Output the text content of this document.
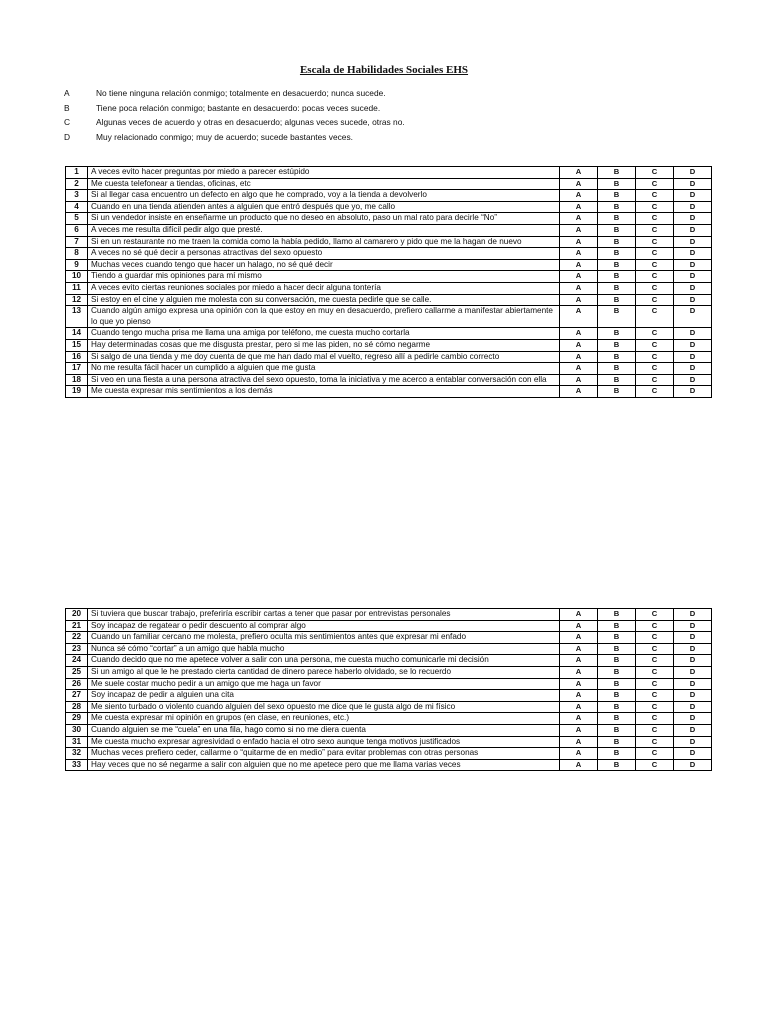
Escala de Habilidades Sociales EHS
A	No tiene ninguna relación conmigo; totalmente en desacuerdo; nunca sucede.
B	Tiene poca relación conmigo; bastante en desacuerdo: pocas veces sucede.
C	Algunas veces de acuerdo y otras en desacuerdo; algunas veces sucede, otras no.
D	Muy relacionado conmigo; muy de acuerdo; sucede bastantes veces.
1	A veces evito hacer preguntas por miedo a parecer estúpido	A	B	C	D
2	Me cuesta telefonear a tiendas, oficinas, etc	A	B	C	D
3	Si al llegar casa encuentro un defecto en algo que he comprado, voy a la tienda a devolverlo	A	B	C	D
4	Cuando en una tienda atienden antes a alguien que entró después que yo, me callo	A	B	C	D
5	Si un vendedor insiste en enseñarme un producto que no deseo en absoluto, paso un mal rato para decirle “No”	A	B	C	D
6	A veces me resulta difícil pedir algo que presté.	A	B	C	D
7	Si en un restaurante no me traen la comida como la había pedido, llamo al camarero y pido que me la hagan de nuevo	A	B	C	D
8	A veces no sé qué decir a personas atractivas del sexo opuesto	A	B	C	D
9	Muchas veces cuando tengo que hacer un halago, no sé qué decir	A	B	C	D
10	Tiendo a guardar mis opiniones para mí mismo	A	B	C	D
11	A veces evito ciertas reuniones sociales por miedo a hacer decir alguna tontería	A	B	C	D
12	Si estoy en el cine y alguien me molesta con su conversación, me cuesta pedirle que se calle.	A	B	C	D
13	Cuando algún amigo expresa una opinión con la que estoy en muy en desacuerdo, prefiero callarme a manifestar abiertamente lo que yo pienso	A	B	C	D
14	Cuando tengo mucha prisa me llama una amiga por teléfono, me cuesta mucho cortarla	A	B	C	D
15	Hay determinadas cosas que me disgusta prestar, pero si me las piden, no sé cómo negarme	A	B	C	D
16	Si salgo de una tienda y me doy cuenta de que me han dado mal el vuelto, regreso allí a pedirle cambio correcto	A	B	C	D
17	No me resulta fácil hacer un cumplido a alguien que me gusta	A	B	C	D
18	Si veo en una fiesta a una persona atractiva del sexo opuesto, toma la iniciativa y me acerco a entablar conversación con ella	A	B	C	D
19	Me cuesta expresar mis sentimientos a los demás	A	B	C	D
20	Si tuviera que buscar trabajo, preferiría escribir cartas a tener que pasar por entrevistas personales	A	B	C	D
21	Soy incapaz de regatear o pedir descuento al comprar algo	A	B	C	D
22	Cuando un familiar cercano me molesta, prefiero oculta mis sentimientos antes que expresar mi enfado	A	B	C	D
23	Nunca sé cómo “cortar” a un amigo que habla mucho	A	B	C	D
24	Cuando decido que no me apetece volver a salir con una persona, me cuesta mucho comunicarle mi decisión	A	B	C	D
25	Si un amigo al que le he prestado cierta cantidad de dinero parece haberlo olvidado, se lo recuerdo	A	B	C	D
26	Me suele costar mucho pedir a un amigo que me haga un favor	A	B	C	D
27	Soy incapaz de pedir a alguien una cita	A	B	C	D
28	Me siento turbado o violento cuando alguien del sexo opuesto me dice que le gusta algo de mi físico	A	B	C	D
29	Me cuesta expresar mi opinión en grupos (en clase, en reuniones, etc.)	A	B	C	D
30	Cuando alguien se me “cuela” en una fila, hago como si no me diera cuenta	A	B	C	D
31	Me cuesta mucho expresar agresividad o enfado hacia el otro sexo aunque tenga motivos justificados	A	B	C	D
32	Muchas veces prefiero ceder, callarme o “quitarme de en medio” para evitar problemas con otras personas	A	B	C	D
33	Hay veces que no sé negarme a salir con alguien que no me apetece pero que me llama varias veces	A	B	C	D
